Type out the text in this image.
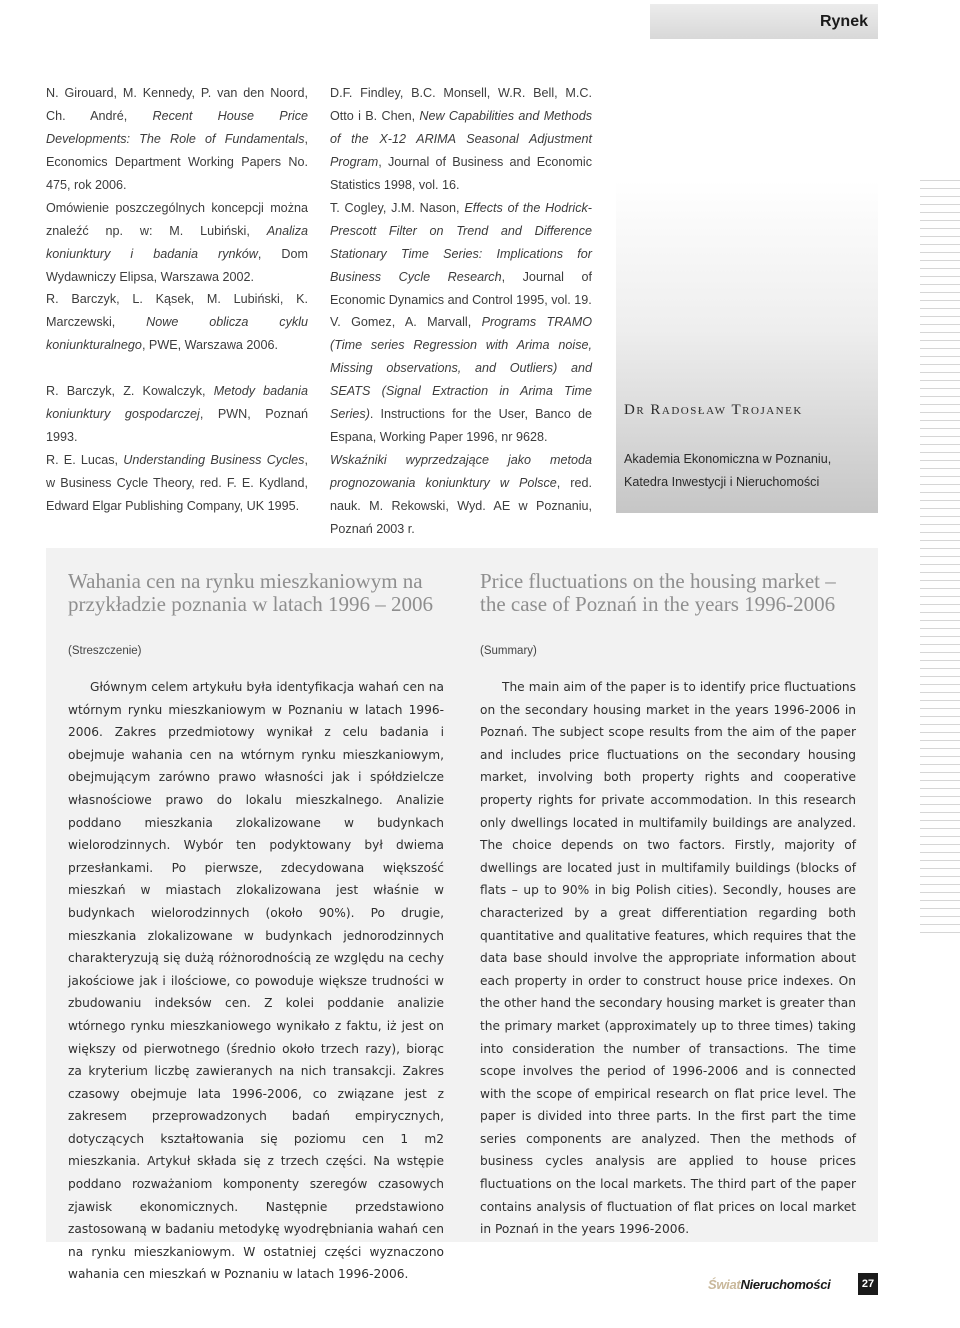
Rynek
N. Girouard, M. Kennedy, P. van den Noord, Ch. André, Recent House Price Developments: The Role of Fundamentals, Economics Department Working Papers No. 475, rok 2006.
Omówienie poszczególnych koncepcji można znaleźć np. w: M. Lubiński, Analiza koniunktury i badania rynków, Dom Wydawniczy Elipsa, Warszawa 2002.
R. Barczyk, L. Kąsek, M. Lubiński, K. Marczewski, Nowe oblicza cyklu koniunkturalnego, PWE, Warszawa 2006.
R. Barczyk, Z. Kowalczyk, Metody badania koniunktury gospodarczej, PWN, Poznań 1993.
R. E. Lucas, Understanding Business Cycles, w Business Cycle Theory, red. F. E. Kydland, Edward Elgar Publishing Company, UK 1995.
D.F. Findley, B.C. Monsell, W.R. Bell, M.C. Otto i B. Chen, New Capabilities and Methods of the X-12 ARIMA Seasonal Adjustment Program, Journal of Business and Economic Statistics 1998, vol. 16.
T. Cogley, J.M. Nason, Effects of the Hodrick-Prescott Filter on Trend and Difference Stationary Time Series: Implications for Business Cycle Research, Journal of Economic Dynamics and Control 1995, vol. 19.
V. Gomez, A. Marvall, Programs TRAMO (Time series Regression with Arima noise, Missing observations, and Outliers) and SEATS (Signal Extraction in Arima Time Series). Instructions for the User, Banco de Espana, Working Paper 1996, nr 9628.
Wskaźniki wyprzedzające jako metoda prognozowania koniunktury w Polsce, red. nauk. M. Rekowski, Wyd. AE w Poznaniu, Poznań 2003 r.
Dr Radosław Trojanek
Akademia Ekonomiczna w Poznaniu,
Katedra Inwestycji i Nieruchomości
Wahania cen na rynku mieszkaniowym na przykładzie poznania w latach 1996 – 2006
(Streszczenie)
Głównym celem artykułu była identyfikacja wahań cen na wtórnym rynku mieszkaniowym w Poznaniu w latach 1996-2006. Zakres przedmiotowy wynikał z celu badania i obejmuje wahania cen na wtórnym rynku mieszkaniowym, obejmującym zarówno prawo własności jak i spółdzielcze własnościowe prawo do lokalu mieszkalnego. Analizie poddano mieszkania zlokalizowane w budynkach wielorodzinnych. Wybór ten podyktowany był dwiema przesłankami. Po pierwsze, zdecydowana większość mieszkań w miastach zlokalizowana jest właśnie w budynkach wielorodzinnych (około 90%). Po drugie, mieszkania zlokalizowane w budynkach jednorodzinnych charakteryzują się dużą różnorodnością ze względu na cechy jakościowe jak i ilościowe, co powoduje większe trudności w zbudowaniu indeksów cen. Z kolei poddanie analizie wtórnego rynku mieszkaniowego wynikało z faktu, iż jest on większy od pierwotnego (średnio około trzech razy), biorąc za kryterium liczbę zawieranych na nich transakcji. Zakres czasowy obejmuje lata 1996-2006, co związane jest z zakresem przeprowadzonych badań empirycznych, dotyczących kształtowania się poziomu cen 1 m2 mieszkania. Artykuł składa się z trzech części. Na wstępie poddano rozważaniom komponenty szeregów czasowych zjawisk ekonomicznych. Następnie przedstawiono zastosowaną w badaniu metodykę wyodrębniania wahań cen na rynku mieszkaniowym. W ostatniej części wyznaczono wahania cen mieszkań w Poznaniu w latach 1996-2006.
Price fluctuations on the housing market – the case of Poznań in the years 1996-2006
(Summary)
The main aim of the paper is to identify price fluctuations on the secondary housing market in the years 1996-2006 in Poznań. The subject scope results from the aim of the paper and includes price fluctuations on the secondary housing market, involving both property rights and cooperative property rights for private accommodation. In this research only dwellings located in multifamily buildings are analyzed. The choice depends on two factors. Firstly, majority of dwellings are located just in multifamily buildings (blocks of flats – up to 90% in big Polish cities). Secondly, houses are characterized by a great differentiation regarding both quantitative and qualitative features, which requires that the data base should involve the appropriate information about each property in order to construct house price indexes. On the other hand the secondary housing market is greater than the primary market (approximately up to three times) taking into consideration the number of transactions. The time scope involves the period of 1996-2006 and is connected with the scope of empirical research on flat price level. The paper is divided into three parts. In the first part the time series components are analyzed. Then the methods of business cycles analysis are applied to house prices fluctuations on the local markets. The third part of the paper contains analysis of fluctuation of flat prices on local market in Poznań in the years 1996-2006.
ŚwiatNieruchomości	27
